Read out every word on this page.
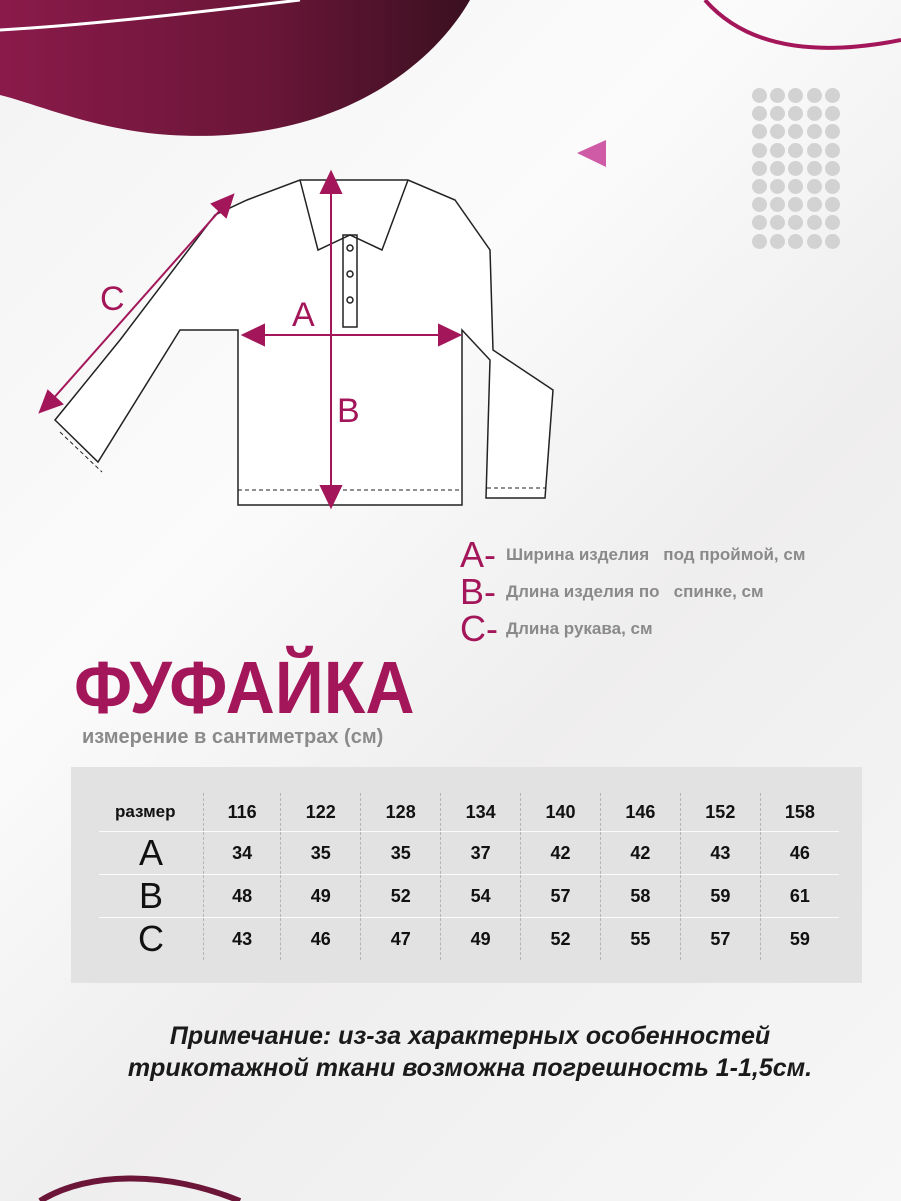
A
B
C
A- Ширина изделия   под проймой, см
B- Длина изделия по   спинке, см
C- Длина рукава, см
ФУФАЙКА
измерение в сантиметрах (см)
размер	116	122	128	134	140	146	152	158
A	34	35	35	37	42	42	43	46
B	48	49	52	54	57	58	59	61
C	43	46	47	49	52	55	57	59
Примечание: из-за характерных особенностей
трикотажной ткани возможна погрешность 1-1,5см.
